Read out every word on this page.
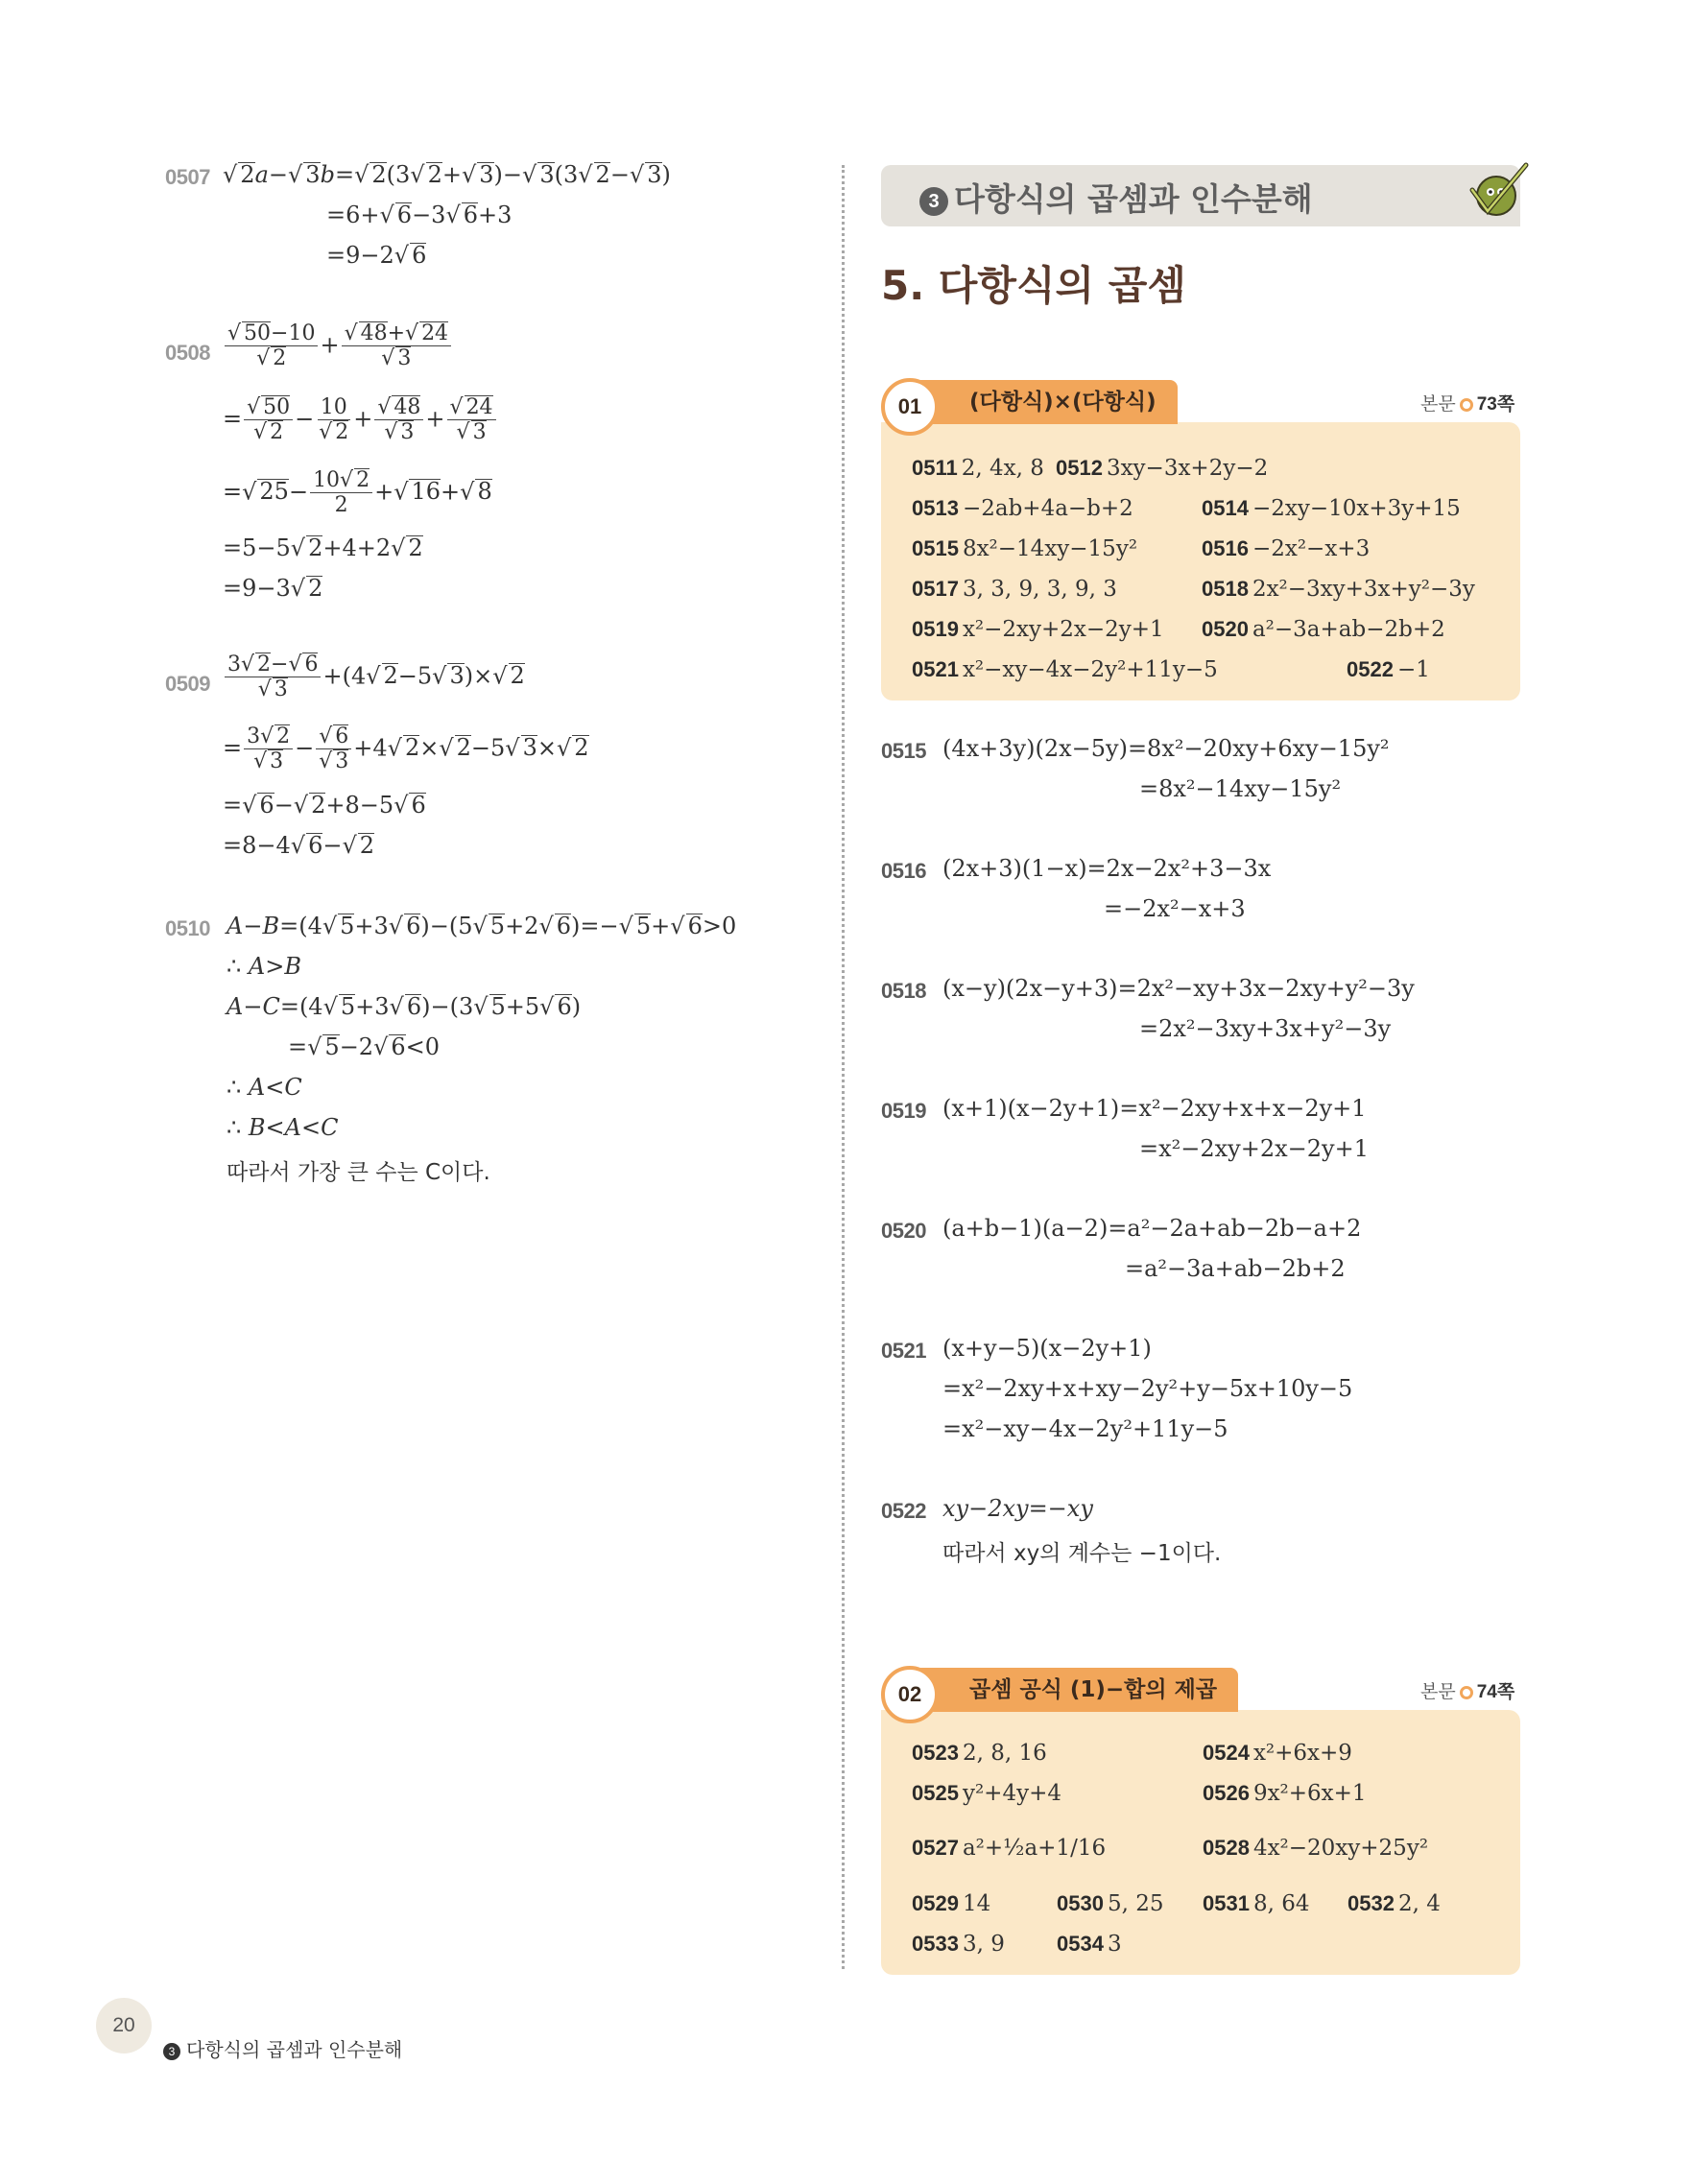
0507 √ 2a−√ 3b=√ 2(3√ 2+√ 3)−√ 3(3√ 2−√ 3)
=6+√ 6−3√ 6+3
=9−2√ 6
$0508 \frac{√ 50-10}{√ 2} + \frac{√ 48+√ 24}{√ 3}$
= $\frac{√ 50}{√ 2} - \frac{10}{√ 2} + \frac{√ 48}{√ 3} + \frac{√ 24}{√ 3}$
=√ $25- \frac{10√ 2}{2}$ +√ 16+√ 8
=5−5√ 2+4+2√ 2
=9−3√ 2
$0509 \frac{3√ 2-√ 6}{√ 3} +(4√$ 2−5√ 3)×√ 2
= $\frac{3√ 2}{√ 3} - \frac{√ 6}{√ 3} +4√$ 2×√ 2−5√ 3×√ 2
=√ 6−√ 2+8−5√ 6
=8−4√ 6−√ 2
0510 A−B=(4√ 5+3√ 6)−(5√ 5+2√ 6)=−√ 5+√ 6>0
∴ A>B
A−C=(4√ 5+3√ 6)−(3√ 5+5√ 6)
=√ 5−2√ 6<0
∴ A<C
∴ B<A<C
따라서 가장 큰 수는 C이다.
3 다항식의 곱셈과 인수분해
5. 다항식의 곱셈
01	(다항식)×(다항식)	본문 73쪽
0511 2, 4x, 8 0512 3xy−3x+2y−2
0513 −2ab+4a−b+2	0514 −2xy−10x+3y+15
0515 8x²−14xy−15y²	0516 −2x²−x+3
0517 3, 3, 9, 3, 9, 3	0518 2x²−3xy+3x+y²−3y
0519 x²−2xy+2x−2y+1 0520 a²−3a+ab−2b+2
0521 x²−xy−4x−2y²+11y−5	0522 −1
0515 (4x+3y)(2x−5y)=8x²−20xy+6xy−15y²
=8x²−14xy−15y²
0516 (2x+3)(1−x)=2x−2x²+3−3x
=−2x²−x+3
0518 (x−y)(2x−y+3)=2x²−xy+3x−2xy+y²−3y
=2x²−3xy+3x+y²−3y
0519 (x+1)(x−2y+1)=x²−2xy+x+x−2y+1
=x²−2xy+2x−2y+1
0520 (a+b−1)(a−2)=a²−2a+ab−2b−a+2
=a²−3a+ab−2b+2
0521 (x+y−5)(x−2y+1)
=x²−2xy+x+xy−2y²+y−5x+10y−5
=x²−xy−4x−2y²+11y−5
0522 xy−2xy=−xy
따라서 xy의 계수는 −1이다.
02	곱셈 공식 (1)−합의 제곱	본문 74쪽
0523 2, 8, 16	0524 x²+6x+9
0525 y²+4y+4	0526 9x²+6x+1
0527 a²+½a+1/16	0528 4x²−20xy+25y²
0529 14	0530 5, 25 0531 8, 64 0532 2, 4
0533 3, 9 0534 3
20
3 다항식의 곱셈과 인수분해
